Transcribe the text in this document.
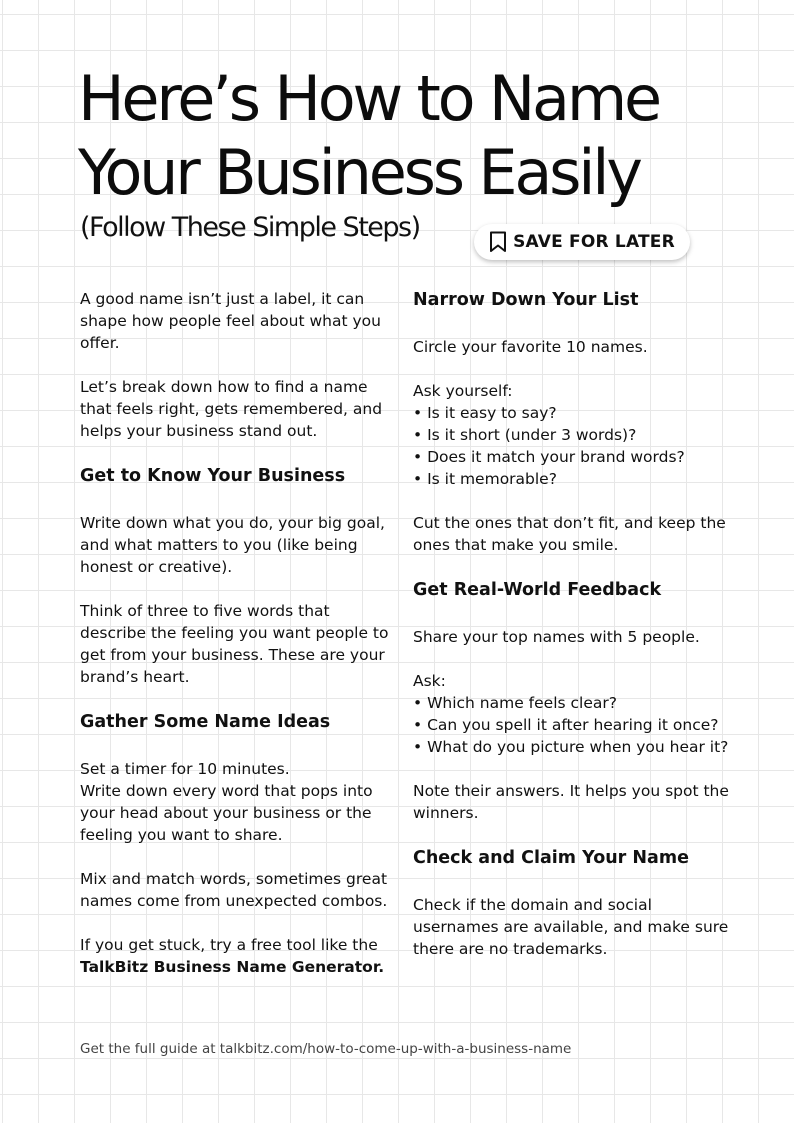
Here’s How to Name
Your Business Easily
(Follow These Simple Steps)	SAVE FOR LATER

A good name isn’t just a label, it can shape how people feel about what you offer.

Let’s break down how to find a name that feels right, gets remembered, and helps your business stand out.

Get to Know Your Business

Write down what you do, your big goal, and what matters to you (like being honest or creative).

Think of three to five words that describe the feeling you want people to get from your business. These are your brand’s heart.

Gather Some Name Ideas

Set a timer for 10 minutes.
Write down every word that pops into your head about your business or the feeling you want to share.

Mix and match words, sometimes great names come from unexpected combos.

If you get stuck, try a free tool like the TalkBitz Business Name Generator.

Narrow Down Your List

Circle your favorite 10 names.

Ask yourself:
• Is it easy to say?
• Is it short (under 3 words)?
• Does it match your brand words?
• Is it memorable?

Cut the ones that don’t fit, and keep the ones that make you smile.

Get Real-World Feedback

Share your top names with 5 people.

Ask:
• Which name feels clear?
• Can you spell it after hearing it once?
• What do you picture when you hear it?

Note their answers. It helps you spot the winners.

Check and Claim Your Name

Check if the domain and social usernames are available, and make sure there are no trademarks.

Get the full guide at talkbitz.com/how-to-come-up-with-a-business-name
